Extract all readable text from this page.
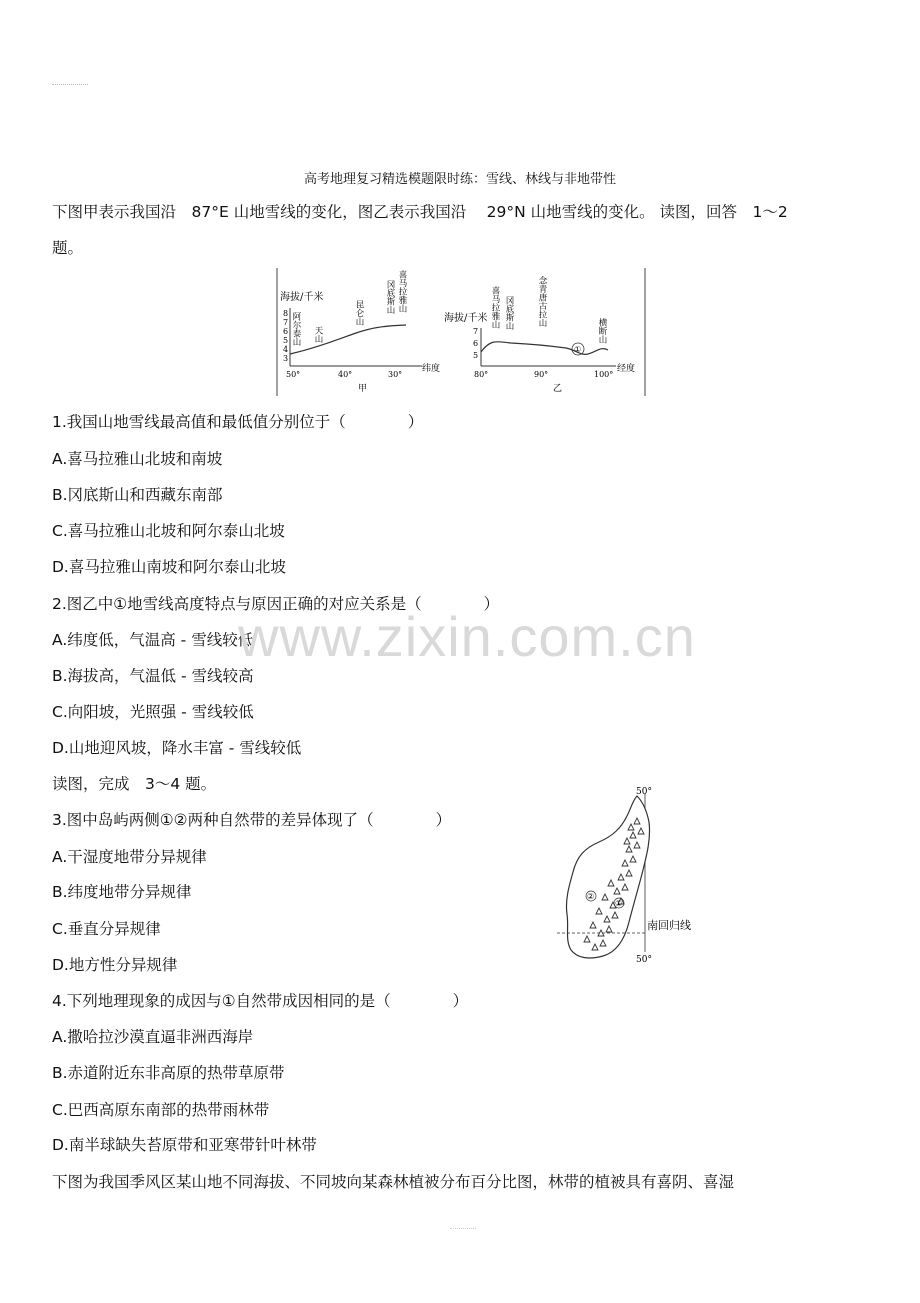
高考地理复习精选模题限时练：雪线、林线与非地带性
下图甲表示我国沿　87°E 山地雪线的变化，图乙表示我国沿　 29°N 山地雪线的变化。 读图，回答　1～2
题。
海拔/千米
8
7
6
5
4
3
50°	40°	30°
纬度
甲
阿尔泰山 天山
昆仑山 冈底斯山 喜马拉雅山
海拔/千米
7
6
5
①
80°	90°	100°
经度
乙
喜马拉雅山 冈底斯山	念青唐古拉山
横断山
1.我国山地雪线最高值和最低值分别位于（　　　　）
A.喜马拉雅山北坡和南坡
B.冈底斯山和西藏东南部
C.喜马拉雅山北坡和阿尔泰山北坡
D.喜马拉雅山南坡和阿尔泰山北坡
2.图乙中①地雪线高度特点与原因正确的对应关系是（　　　　）
A.纬度低，气温高 - 雪线较低
B.海拔高，气温低 - 雪线较高
C.向阳坡，光照强 - 雪线较低
D.山地迎风坡，降水丰富 - 雪线较低
www.zixin.com.cn
读图，完成　3～4 题。
3.图中岛屿两侧①②两种自然带的差异体现了（　　　　）
A.干湿度地带分异规律
B.纬度地带分异规律
C.垂直分异规律
D.地方性分异规律
50°
50°
南回归线
②
①
4.下列地理现象的成因与①自然带成因相同的是（　　　　）
A.撒哈拉沙漠直逼非洲西海岸
B.赤道附近东非高原的热带草原带
C.巴西高原东南部的热带雨林带
D.南半球缺失苔原带和亚寒带针叶林带
下图为我国季风区某山地不同海拔、不同坡向某森林植被分布百分比图，林带的植被具有喜阴、喜湿
